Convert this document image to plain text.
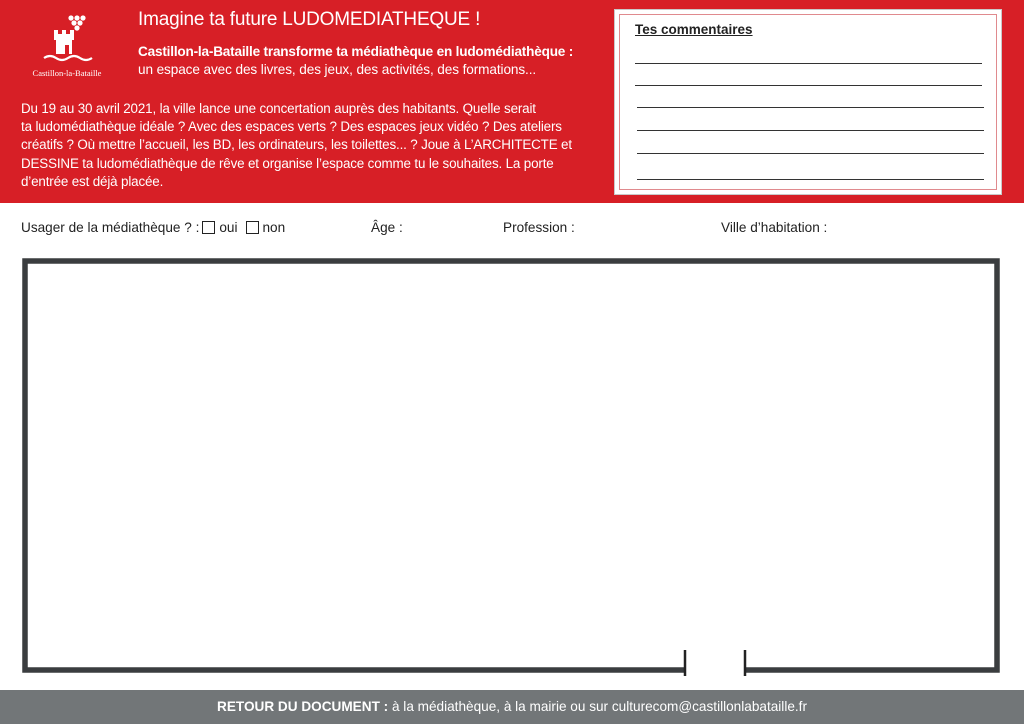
Castillon-la-Bataille
Imagine ta future LUDOMEDIATHEQUE !
Castillon-la-Bataille transforme ta médiathèque en ludomédiathèque :
un espace avec des livres, des jeux, des activités, des formations...
Du 19 au 30 avril 2021, la ville lance une concertation auprès des habitants. Quelle serait
ta ludomédiathèque idéale ? Avec des espaces verts ? Des espaces jeux vidéo ? Des ateliers
créatifs ? Où mettre l’accueil, les BD, les ordinateurs, les toilettes... ? Joue à L’ARCHITECTE et
DESSINE ta ludomédiathèque de rêve et organise l’espace comme tu le souhaites. La porte
d’entrée est déjà placée.
Tes commentaires
Usager de la médiathèque ? : oui non	Âge :	Profession :	Ville d’habitation :
RETOUR DU DOCUMENT : à la médiathèque, à la mairie ou sur culturecom@castillonlabataille.fr
